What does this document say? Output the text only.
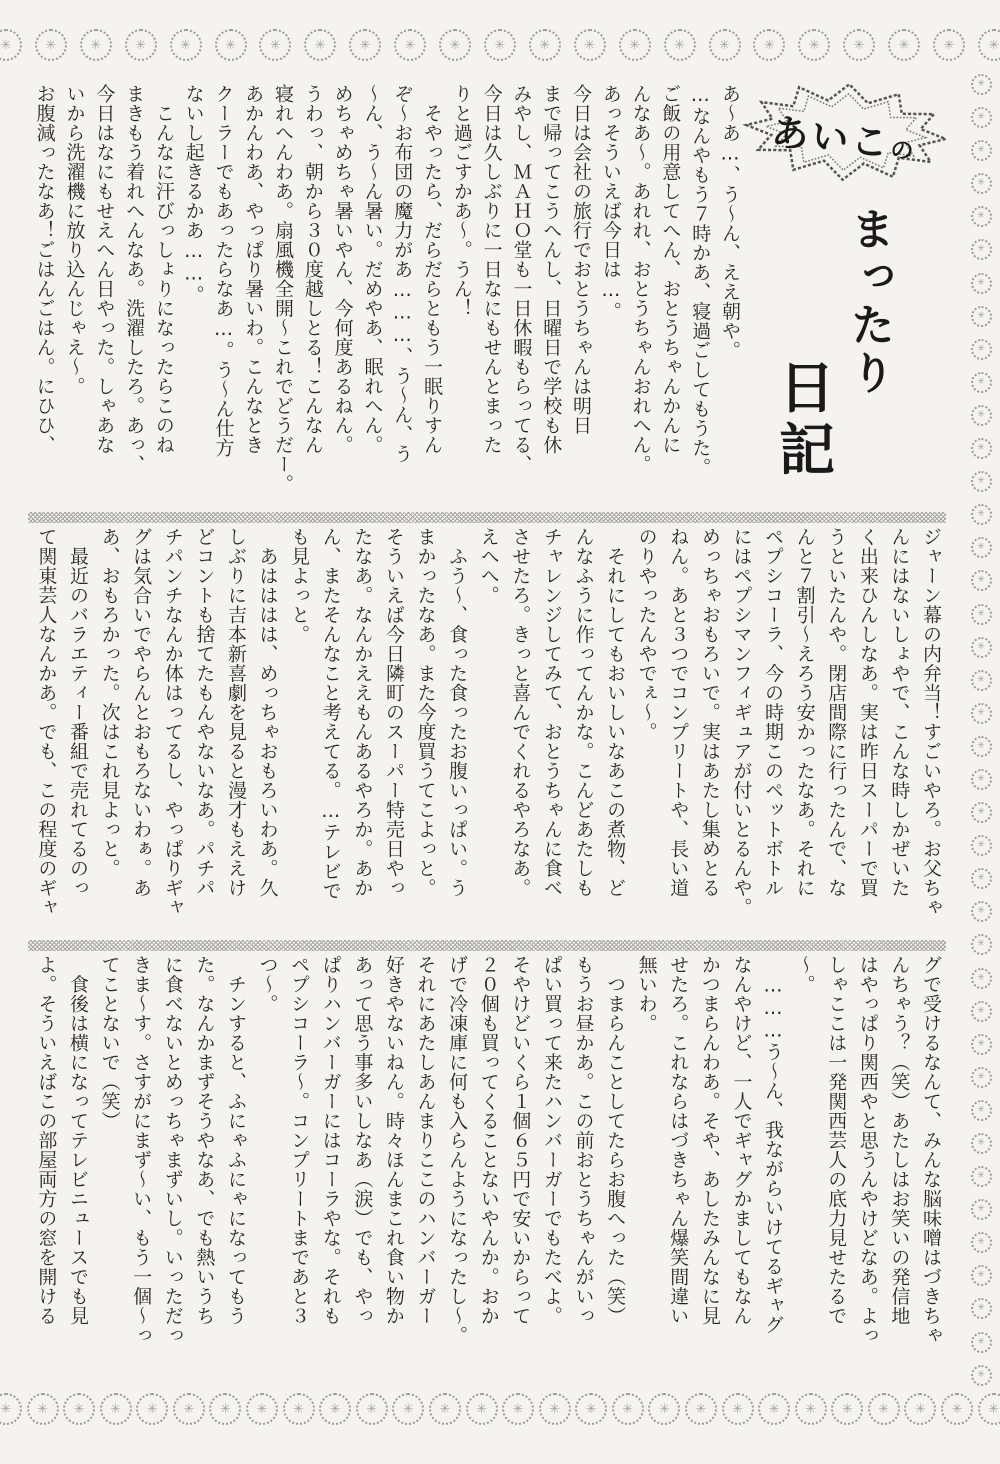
✳	✳	✳	✳	✳	✳	✳	✳	✳	✳	✳	✳	✳	✳	✳	✳	✳	✳	✳	✳	✳	✳	✳
✳
✳
✳
✳
✳
✳
✳
✳
✳
✳
✳
✳
✳
✳
✳
✳
✳
✳
✳
✳
✳
✳
✳
✳
✳
✳
✳
✳
✳
✳
✳
✳
✳
✳
✳
✳
✳
✳
✳
✳
✳	✳	✳	✳	✳	✳	✳	✳	✳	✳	✳	✳	✳	✳	✳	✳	✳	✳	✳	✳	✳	✳	✳	✳	✳	✳	✳	✳
あいこの
まったり
日記

あ〜あ…、う〜ん、ええ朝や。

…なんやもう７時かあ、寝過ごしてもうた。

ご飯の用意してへん、おとうちゃんかんに

んなあ〜。あれれ、おとうちゃんおれへん。

あっそういえば今日は…。

今日は会社の旅行でおとうちゃんは明日

まで帰ってこうへんし、日曜日で学校も休

みやし、ＭＡＨＯ堂も一日休暇もらってる、

今日は久しぶりに一日なにもせんとまった

りと過ごすかあ〜。うん！

　そやったら、だらだらともう一眠りすん

ぞ〜お布団の魔力があ………、う〜ん、う

〜ん、う〜ん暑い。だめやあ、眠れへん。

めちゃめちゃ暑いやん、今何度あるねん。

うわっ、朝から３０度越しとる！こんなん

寝れへんわあ。扇風機全開〜これでどうだー。

あかんわあ、やっぱり暑いわ。こんなとき

クーラーでもあったらなあ…。う〜ん仕方

ないし起きるかあ……。

　こんなに汗びっしょりになったらこのね

まきもう着れへんなあ。洗濯したろ。あっ、

今日はなにもせえへん日やった。しゃあな

いから洗濯機に放り込んじゃえ〜。

お腹減ったなあ！ごはんごはん。にひひ、

ジャーン幕の内弁当！すごいやろ。お父ちゃ

んにはないしょやで、こんな時しかぜいた

く出来ひんしなあ。実は昨日スーパーで買

うといたんや。閉店間際に行ったんで、な

んと７割引〜えろう安かったなあ。それに

ペプシコーラ、今の時期このペットボトル

にはペプシマンフィギュアが付いとるんや。

めっちゃおもろいで。実はあたし集めとる

ねん。あと３つでコンプリートや、長い道

のりやったんやでぇ〜。

　それにしてもおいしいなあこの煮物、ど

んなふうに作ってんかな。こんどあたしも

チャレンジしてみて、おとうちゃんに食べ

させたろ。きっと喜んでくれるやろなあ。

えへへ。

　ふう〜、食った食ったお腹いっぱい。う

まかったなあ。また今度買うてこよっと。

そういえば今日隣町のスーパー特売日やっ

たなあ。なんかええもんあるやろか。あか

ん、またそんなこと考えてる。…テレビで

も見よっと。

　あはははは、めっちゃおもろいわあ。久

しぶりに吉本新喜劇を見ると漫才もええけ

どコントも捨てたもんやないなあ。パチパ

チパンチなんか体はってるし、やっぱりギャ

グは気合いでやらんとおもろないわぁ。あ

あ、おもろかった。次はこれ見よっと。

　最近のバラエティー番組で売れてるのっ

て関東芸人なんかあ。でも、この程度のギャ

グで受けるなんて、みんな脳味噌はづきちゃ

んちゃう？（笑）あたしはお笑いの発信地

はやっぱり関西やと思うんやけどなあ。よっ

しゃここは一発関西芸人の底力見せたるで

〜。

　………う〜ん、我ながらいけてるギャグ

なんやけど、一人でギャグかましてもなん

かつまらんわあ。そや、あしたみんなに見

せたろ。これならはづきちゃん爆笑間違い

無いわ。

　つまらんことしてたらお腹へった（笑）

もうお昼かあ。この前おとうちゃんがいっ

ぱい買って来たハンバーガーでもたべよ。

そやけどいくら１個６５円で安いからって

２０個も買ってくることないやんか。おか

げで冷凍庫に何も入らんようになったし〜。

それにあたしあんまりここのハンバーガー

好きやないねん。時々ほんまこれ食い物か

あって思う事多いしなあ（涙）でも、やっ

ぱりハンバーガーにはコーラやな。それも

ペプシコーラ〜。コンプリートまであと３

つ〜。

　チンすると、ふにゃふにゃになってもう

た。なんかまずそうやなあ、でも熱いうち

に食べないとめっちゃまずいし。いっただっ

きま〜す。さすがにまず〜い、もう一個〜っ

てことないで（笑）

　食後は横になってテレビニュースでも見

よ。そういえばこの部屋両方の窓を開ける
